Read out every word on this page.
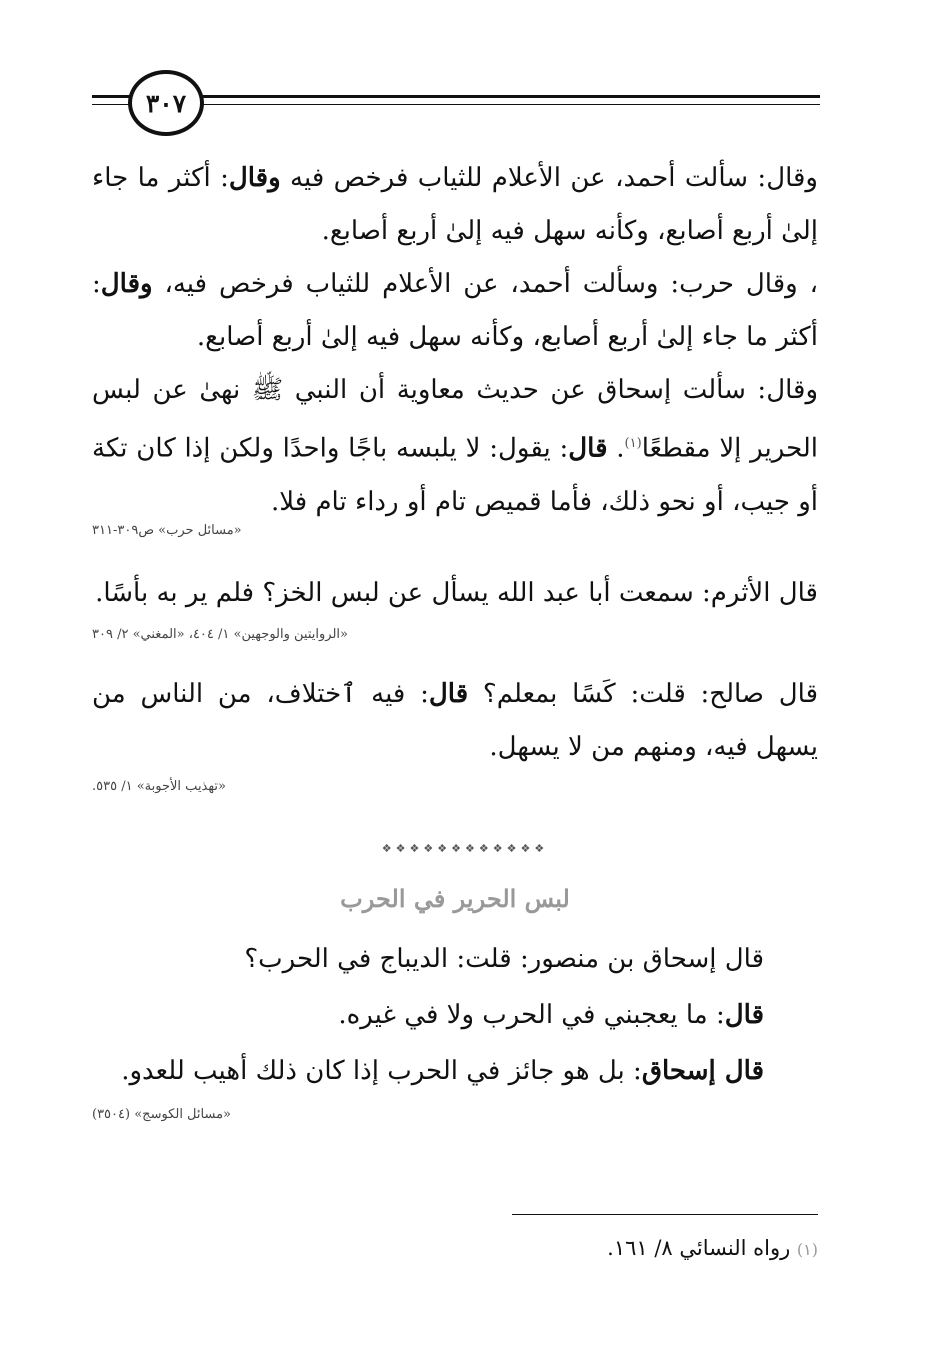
٣٠٧

وقال: سألت أحمد، عن الأعلام للثياب فرخص فيه وقال: أكثر ما جاء إلىٰ أربع أصابع، وكأنه سهل فيه إلىٰ أربع أصابع.

، وقال حرب: وسألت أحمد، عن الأعلام للثياب فرخص فيه، وقال: أكثر ما جاء إلىٰ أربع أصابع، وكأنه سهل فيه إلىٰ أربع أصابع.

وقال: سألت إسحاق عن حديث معاوية أن النبي ﷺ نهىٰ عن لبس الحرير إلا مقطعًا$^{(١)}$. قال: يقول: لا يلبسه باجًا واحدًا ولكن إذا كان تكة أو جيب، أو نحو ذلك، فأما قميص تام أو رداء تام فلا.

«مسائل حرب» ص٣٠٩-٣١١

قال الأثرم: سمعت أبا عبد الله يسأل عن لبس الخز؟ فلم ير به بأسًا.

«الروايتين والوجهين» ١/ ٤٠٤، «المغني» ٢/ ٣٠٩

قال صالح: قلت: كَسًا بمعلم؟ قال: فيه ٱختلاف، من الناس من يسهل فيه، ومنهم من لا يسهل.

«تهذيب الأجوبة» ١/ ٥٣٥.

❖ ❖ ❖ ❖ ❖ ❖ ❖ ❖ ❖ ❖ ❖ ❖
لبس الحرير في الحرب
قال إسحاق بن منصور: قلت: الديباج في الحرب؟
قال: ما يعجبني في الحرب ولا في غيره.
قال إسحاق: بل هو جائز في الحرب إذا كان ذلك أهيب للعدو.

«مسائل الكوسج» (٣٥٠٤)

(١) رواه النسائي ٨/ ١٦١.
